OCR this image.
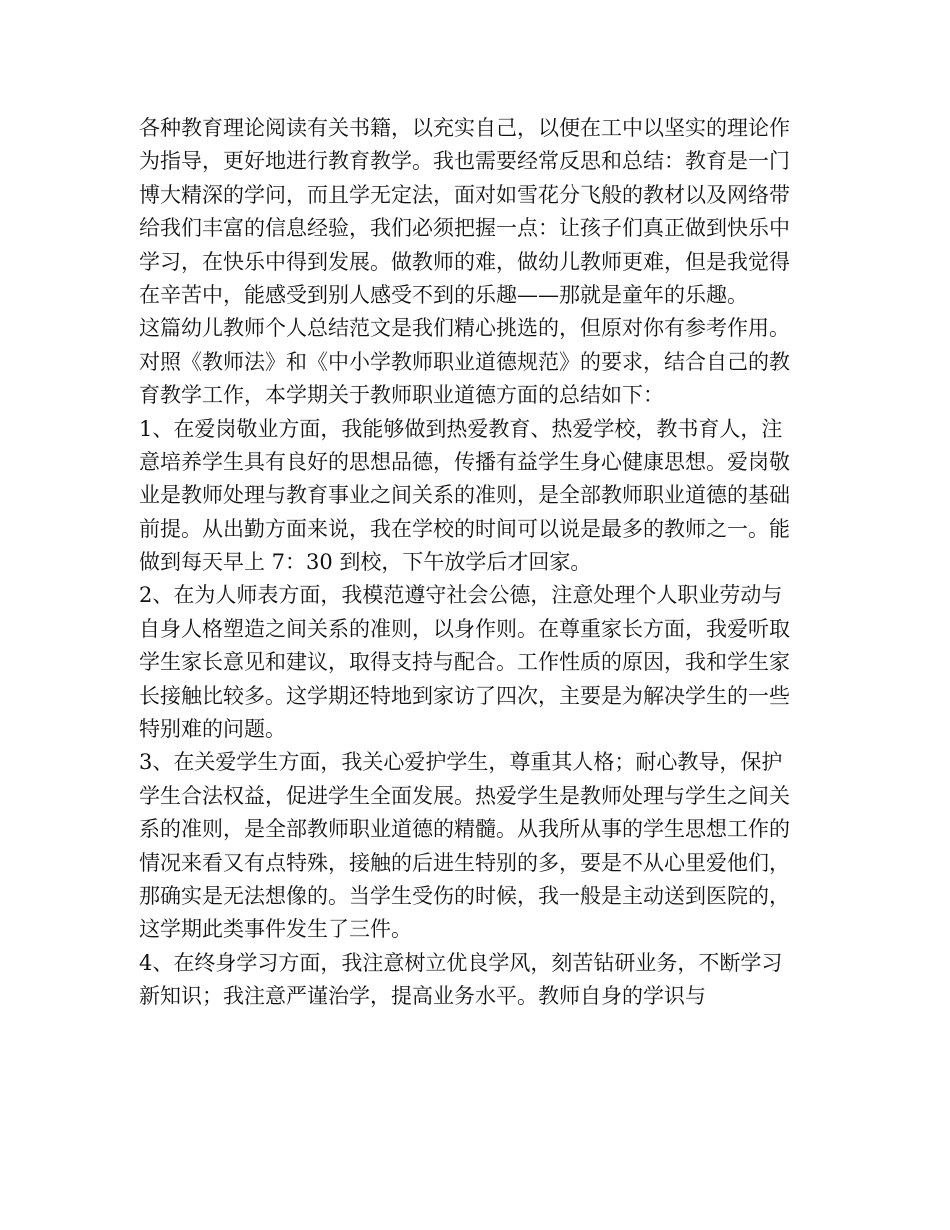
各种教育理论阅读有关书籍，以充实自己，以便在工中以坚实的理论作
为指导，更好地进行教育教学。我也需要经常反思和总结：教育是一门
博大精深的学问，而且学无定法，面对如雪花分飞般的教材以及网络带
给我们丰富的信息经验，我们必须把握一点：让孩子们真正做到快乐中
学习，在快乐中得到发展。做教师的难，做幼儿教师更难，但是我觉得
在辛苦中，能感受到别人感受不到的乐趣——那就是童年的乐趣。
这篇幼儿教师个人总结范文是我们精心挑选的，但原对你有参考作用。
对照《教师法》和《中小学教师职业道德规范》的要求，结合自己的教
育教学工作，本学期关于教师职业道德方面的总结如下：
1、在爱岗敬业方面，我能够做到热爱教育、热爱学校，教书育人，注
意培养学生具有良好的思想品德，传播有益学生身心健康思想。爱岗敬
业是教师处理与教育事业之间关系的准则，是全部教师职业道德的基础
前提。从出勤方面来说，我在学校的时间可以说是最多的教师之一。能
做到每天早上 7：30 到校，下午放学后才回家。
2、在为人师表方面，我模范遵守社会公德，注意处理个人职业劳动与
自身人格塑造之间关系的准则，以身作则。在尊重家长方面，我爱听取
学生家长意见和建议，取得支持与配合。工作性质的原因，我和学生家
长接触比较多。这学期还特地到家访了四次，主要是为解决学生的一些
特别难的问题。
3、在关爱学生方面，我关心爱护学生，尊重其人格；耐心教导，保护
学生合法权益，促进学生全面发展。热爱学生是教师处理与学生之间关
系的准则，是全部教师职业道德的精髓。从我所从事的学生思想工作的
情况来看又有点特殊，接触的后进生特别的多，要是不从心里爱他们，
那确实是无法想像的。当学生受伤的时候，我一般是主动送到医院的，
这学期此类事件发生了三件。
4、在终身学习方面，我注意树立优良学风，刻苦钻研业务，不断学习
新知识；我注意严谨治学，提高业务水平。教师自身的学识与
